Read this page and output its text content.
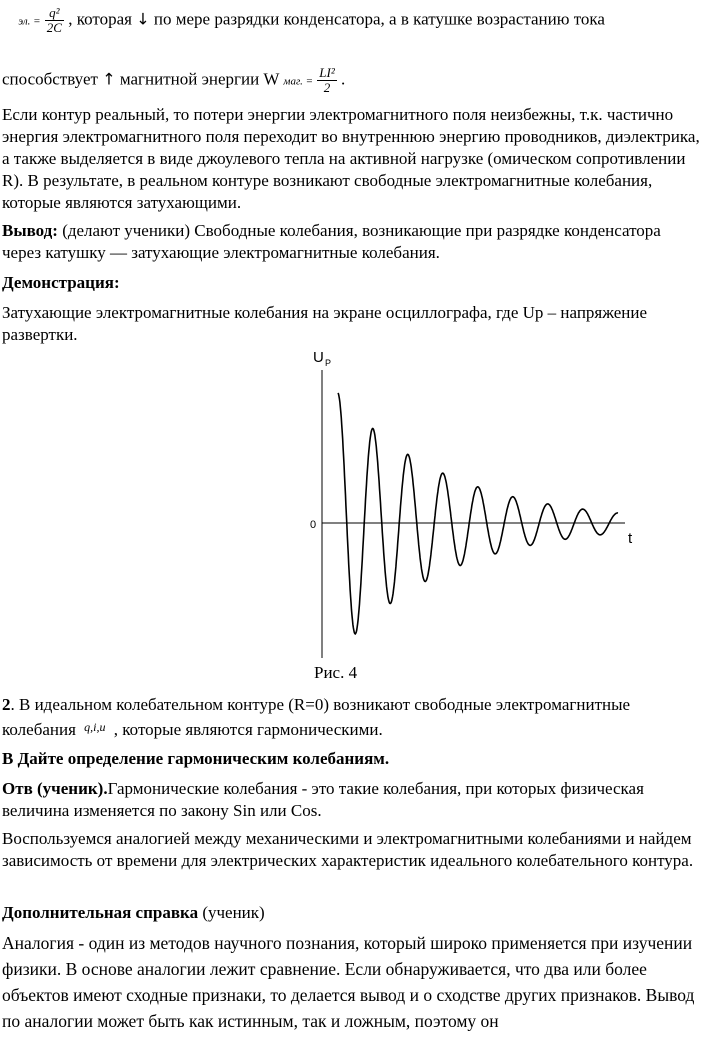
эл. = $\frac{\text{q²}}{2C}$ , которая ↓ по мере разрядки конденсатора, а в катушке возрастанию тока
способствует ↑ магнитной энергии W маг. = $\frac{\text{LI²}}{2}$ .
Если контур реальный, то потери энергии электромагнитного поля неизбежны, т.к. частично энергия электромагнитного поля переходит во внутреннюю энергию проводников, диэлектрика, а также выделяется в виде джоулевого тепла на активной нагрузке (омическом сопротивлении R). В результате, в реальном контуре возникают свободные электромагнитные колебания, которые являются затухающими.
Вывод: (делают ученики) Свободные колебания, возникающие при разрядке конденсатора через катушку — затухающие электромагнитные колебания.
Демонстрация:
Затухающие электромагнитные колебания на экране осциллографа, где Up – напряжение развертки.
U P
t
0
Рис. 4
2. В идеальном колебательном контуре (R=0) возникают свободные электромагнитные
колебания $^{q,i,u}$ , которые являются гармоническими.
В Дайте определение гармоническим колебаниям.
Отв (ученик).Гармонические колебания - это такие колебания, при которых физическая величина изменяется по закону Sin или Cos.
Воспользуемся аналогией между механическими и электромагнитными колебаниями и найдем зависимость от времени для электрических характеристик идеального колебательного контура.
Дополнительная справка (ученик)
Аналогия - один из методов научного познания, который широко применяется при изучении физики. В основе аналогии лежит сравнение. Если обнаруживается, что два или более объектов имеют сходные признаки, то делается вывод и о сходстве других признаков. Вывод по аналогии может быть как истинным, так и ложным, поэтому он
